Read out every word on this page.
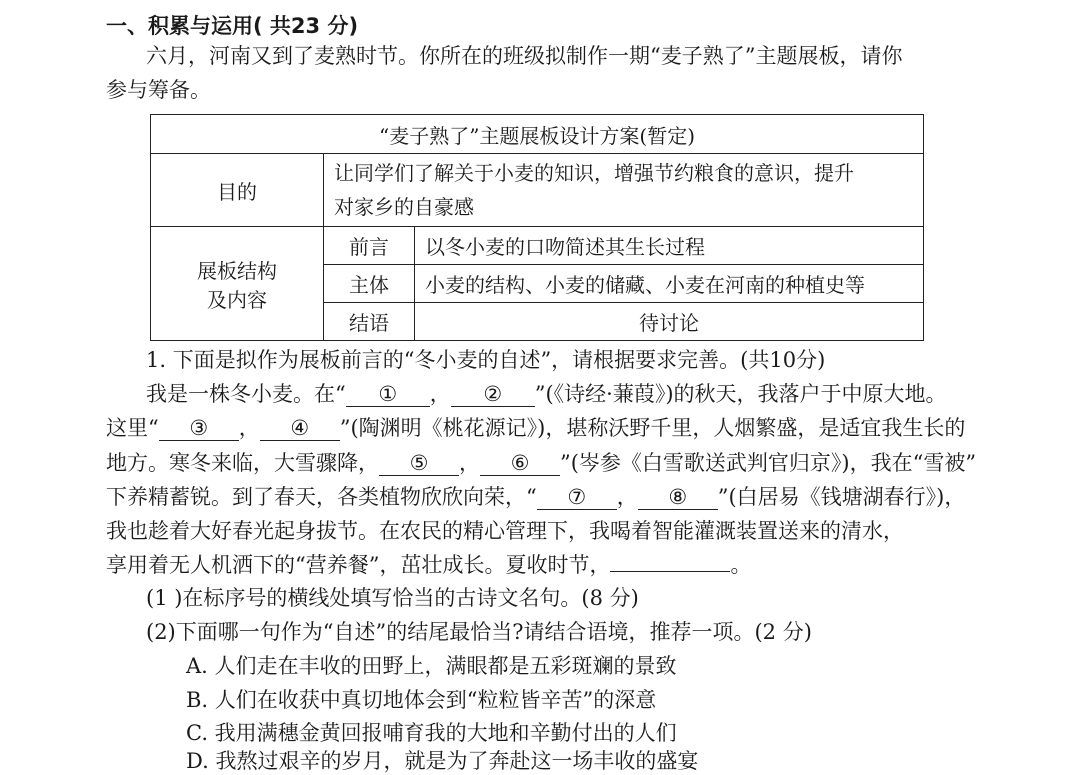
一、积累与运用( 共23 分)
六月，河南又到了麦熟时节。你所在的班级拟制作一期“麦子熟了”主题展板，请你
参与筹备。
“麦子熟了”主题展板设计方案(暂定)		
目的	让同学们了解关于小麦的知识，增强节约粮食的意识，提升
对家乡的自豪感	
展板结构
及内容	前言	以冬小麦的口吻简述其生长过程
	主体	小麦的结构、小麦的储藏、小麦在河南的种植史等
	结语	待讨论
1. 下面是拟作为展板前言的“冬小麦的自述”，请根据要求完善。(共10分)
我是一株冬小麦。在“ ① ， ② ”(《诗经·蒹葭》)的秋天，我落户于中原大地。
这里“ ③ ， ④ ”(陶渊明《桃花源记》)，堪称沃野千里，人烟繁盛，是适宜我生长的
地方。寒冬来临，大雪骤降， ⑤ ， ⑥ ”(岑参《白雪歌送武判官归京》)，我在“雪被”
下养精蓄锐。到了春天，各类植物欣欣向荣，“ ⑦ ， ⑧ ”(白居易《钱塘湖春行》)，
我也趁着大好春光起身拔节。在农民的精心管理下，我喝着智能灌溉装置送来的清水，
享用着无人机洒下的“营养餐”，茁壮成长。夏收时节，	。
(1 )在标序号的横线处填写恰当的古诗文名句。(8 分)
(2)下面哪一句作为“自述”的结尾最恰当?请结合语境，推荐一项。(2 分)
A. 人们走在丰收的田野上，满眼都是五彩斑斓的景致
B. 人们在收获中真切地体会到“粒粒皆辛苦”的深意
C. 我用满穗金黄回报哺育我的大地和辛勤付出的人们
D. 我熬过艰辛的岁月，就是为了奔赴这一场丰收的盛宴
